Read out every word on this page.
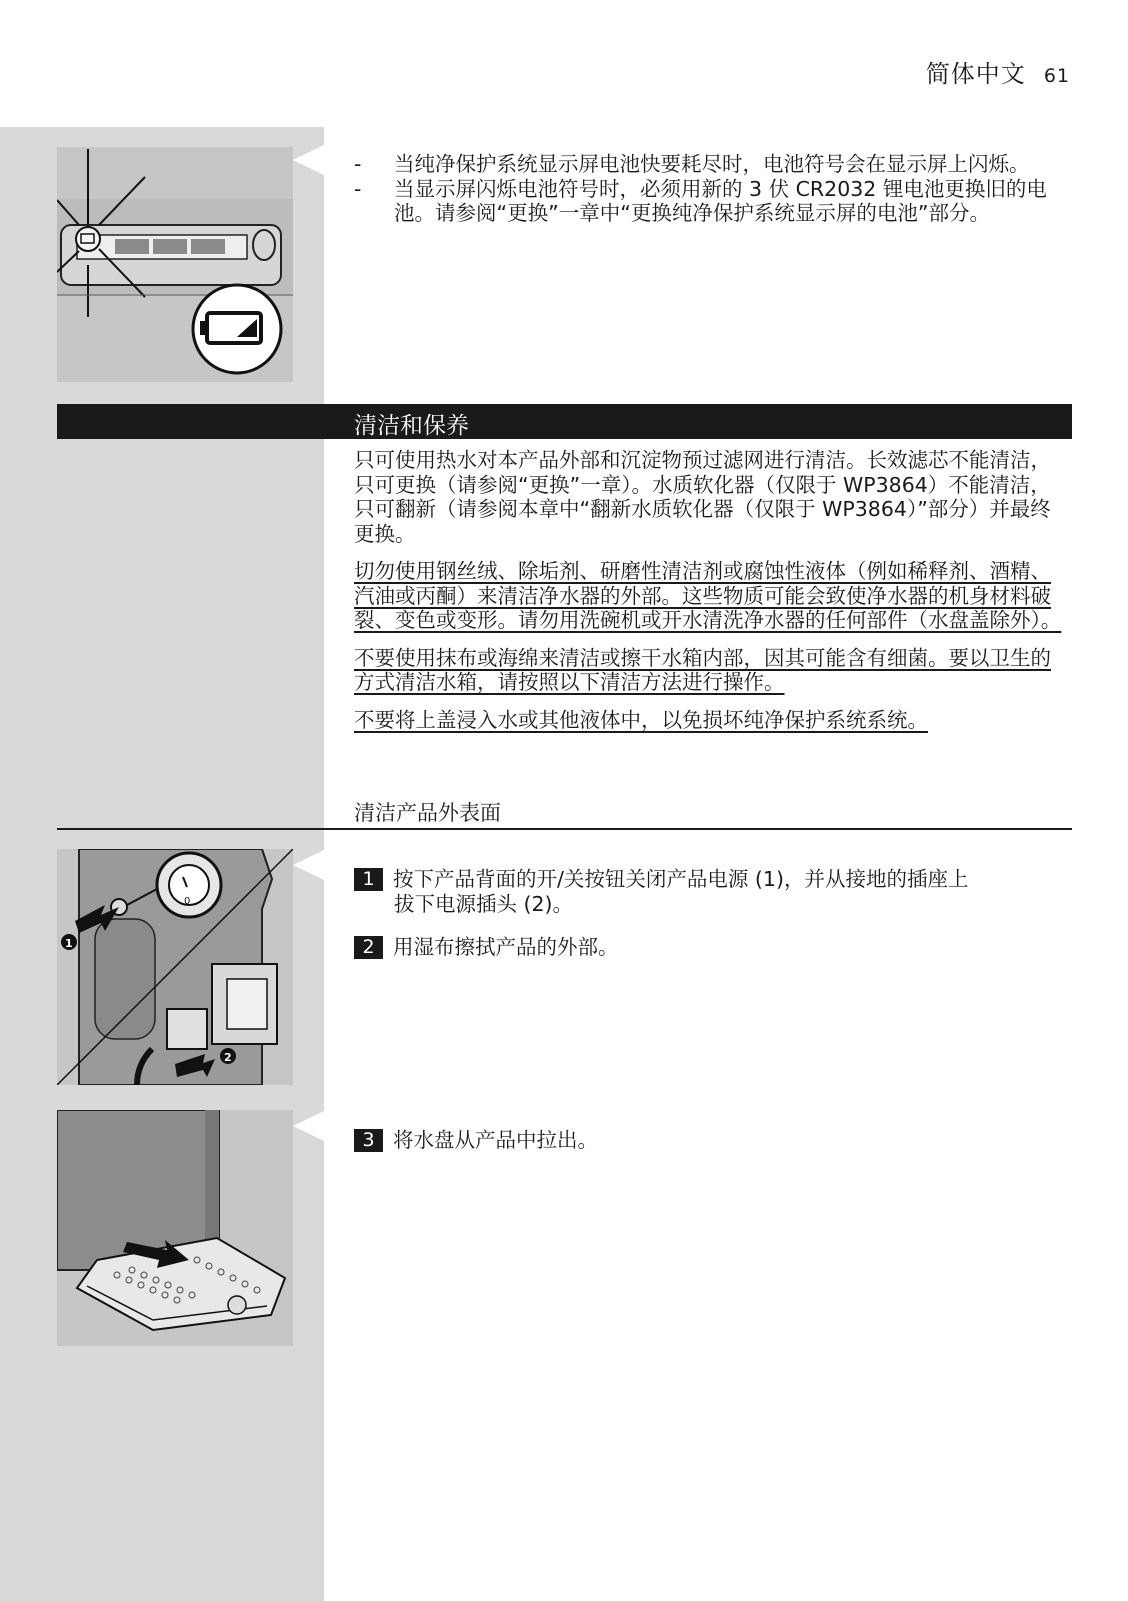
简体中文 61
- 当纯净保护系统显示屏电池快要耗尽时，电池符号会在显示屏上闪烁。
- 当显示屏闪烁电池符号时，必须用新的 3 伏 CR2032 锂电池更换旧的电池。请参阅“更换”一章中“更换纯净保护系统显示屏的电池”部分。
清洁和保养

只可使用热水对本产品外部和沉淀物预过滤网进行清洁。长效滤芯不能清洁，只可更换（请参阅“更换”一章）。水质软化器（仅限于 WP3864）不能清洁，只可翻新（请参阅本章中“翻新水质软化器（仅限于 WP3864）”部分）并最终更换。

切勿使用钢丝绒、除垢剂、研磨性清洁剂或腐蚀性液体（例如稀释剂、酒精、汽油或丙酮）来清洁净水器的外部。这些物质可能会致使净水器的机身材料破裂、变色或变形。请勿用洗碗机或开水清洗净水器的任何部件（水盘盖除外）。

不要使用抹布或海绵来清洁或擦干水箱内部，因其可能含有细菌。要以卫生的方式清洁水箱，请按照以下清洁方法进行操作。

不要将上盖浸入水或其他液体中，以免损坏纯净保护系统系统。

清洁产品外表面
0
1
2
1 按下产品背面的开/关按钮关闭产品电源 (1)，并从接地的插座上
拔下电源插头 (2)。
2 用湿布擦拭产品的外部。
3 将水盘从产品中拉出。
